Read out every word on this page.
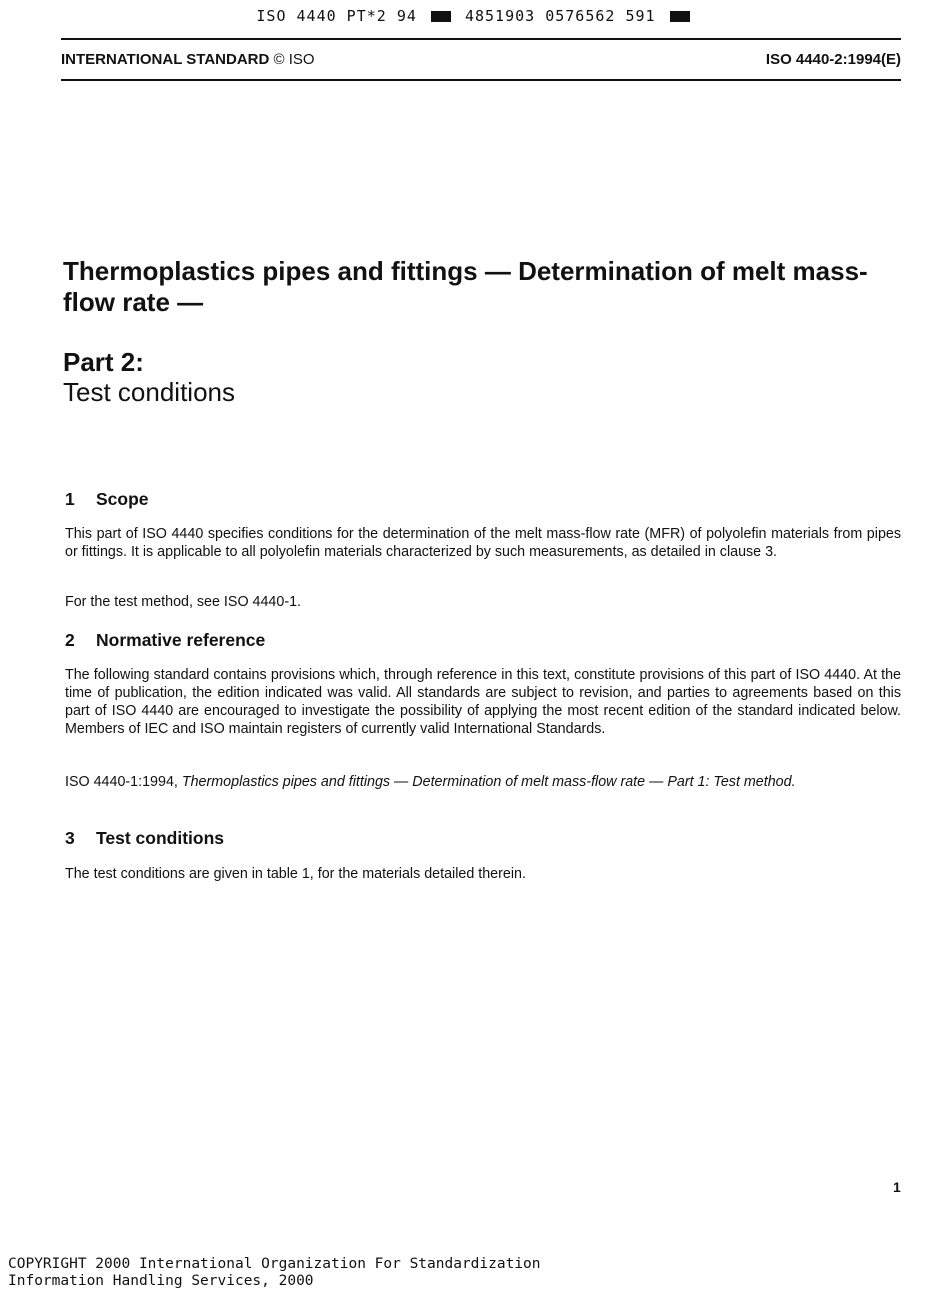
ISO 4440 PT*2 94	4851903 0576562 591
INTERNATIONAL STANDARD © ISO	ISO 4440-2:1994(E)
Thermoplastics pipes and fittings — Determination of melt mass-flow rate —
Part 2:
Test conditions
1 Scope

This part of ISO 4440 specifies conditions for the determination of the melt mass-flow rate (MFR) of polyolefin materials from pipes or fittings. It is applicable to all polyolefin materials characterized by such measurements, as detailed in clause 3.

For the test method, see ISO 4440-1.

2 Normative reference

The following standard contains provisions which, through reference in this text, constitute provisions of this part of ISO 4440. At the time of publication, the edition indicated was valid. All standards are subject to revision, and parties to agreements based on this part of ISO 4440 are encouraged to investigate the possibility of applying the most recent edition of the standard indicated below. Members of IEC and ISO maintain registers of currently valid International Standards.

ISO 4440-1:1994, Thermoplastics pipes and fittings — Determination of melt mass-flow rate — Part 1: Test method.

3 Test conditions

The test conditions are given in table 1, for the materials detailed therein.

1
COPYRIGHT 2000 International Organization For Standardization
Information Handling Services, 2000
